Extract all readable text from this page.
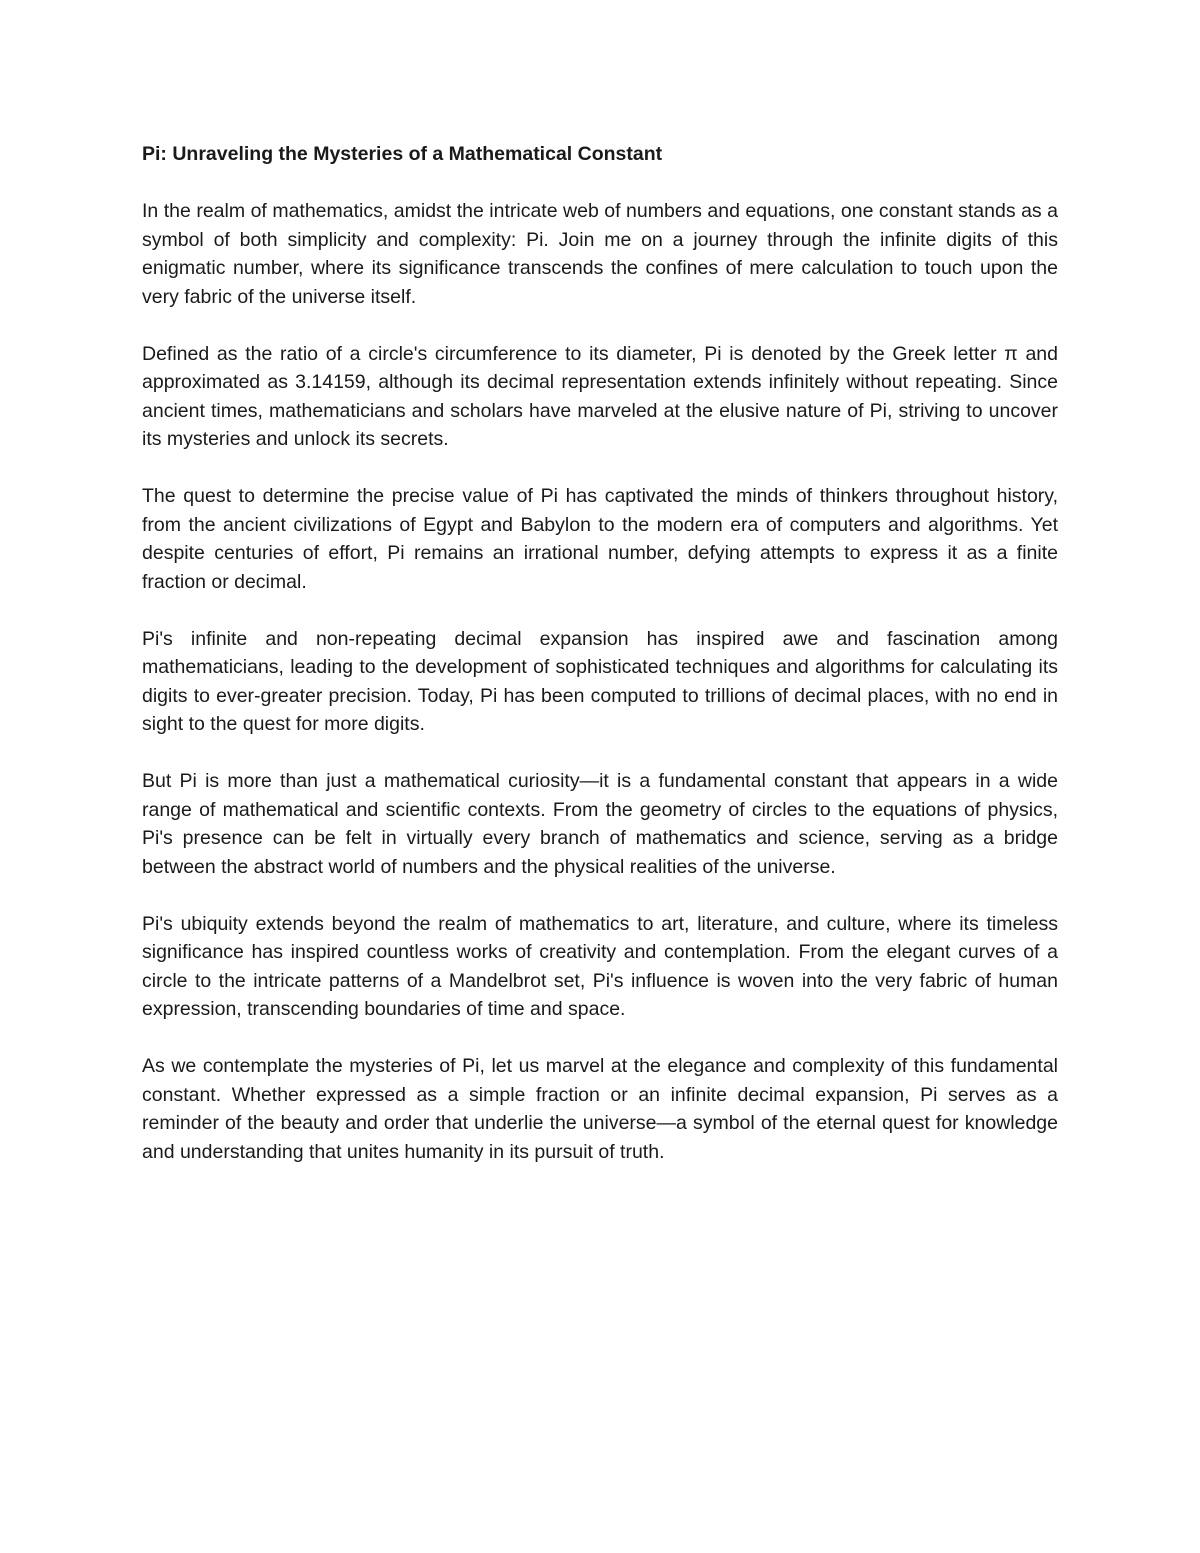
Pi: Unraveling the Mysteries of a Mathematical Constant

In the realm of mathematics, amidst the intricate web of numbers and equations, one constant stands as a symbol of both simplicity and complexity: Pi. Join me on a journey through the infinite digits of this enigmatic number, where its significance transcends the confines of mere calculation to touch upon the very fabric of the universe itself.

Defined as the ratio of a circle's circumference to its diameter, Pi is denoted by the Greek letter π and approximated as 3.14159, although its decimal representation extends infinitely without repeating. Since ancient times, mathematicians and scholars have marveled at the elusive nature of Pi, striving to uncover its mysteries and unlock its secrets.

The quest to determine the precise value of Pi has captivated the minds of thinkers throughout history, from the ancient civilizations of Egypt and Babylon to the modern era of computers and algorithms. Yet despite centuries of effort, Pi remains an irrational number, defying attempts to express it as a finite fraction or decimal.

Pi's infinite and non-repeating decimal expansion has inspired awe and fascination among mathematicians, leading to the development of sophisticated techniques and algorithms for calculating its digits to ever-greater precision. Today, Pi has been computed to trillions of decimal places, with no end in sight to the quest for more digits.

But Pi is more than just a mathematical curiosity—it is a fundamental constant that appears in a wide range of mathematical and scientific contexts. From the geometry of circles to the equations of physics, Pi's presence can be felt in virtually every branch of mathematics and science, serving as a bridge between the abstract world of numbers and the physical realities of the universe.

Pi's ubiquity extends beyond the realm of mathematics to art, literature, and culture, where its timeless significance has inspired countless works of creativity and contemplation. From the elegant curves of a circle to the intricate patterns of a Mandelbrot set, Pi's influence is woven into the very fabric of human expression, transcending boundaries of time and space.

As we contemplate the mysteries of Pi, let us marvel at the elegance and complexity of this fundamental constant. Whether expressed as a simple fraction or an infinite decimal expansion, Pi serves as a reminder of the beauty and order that underlie the universe—a symbol of the eternal quest for knowledge and understanding that unites humanity in its pursuit of truth.
